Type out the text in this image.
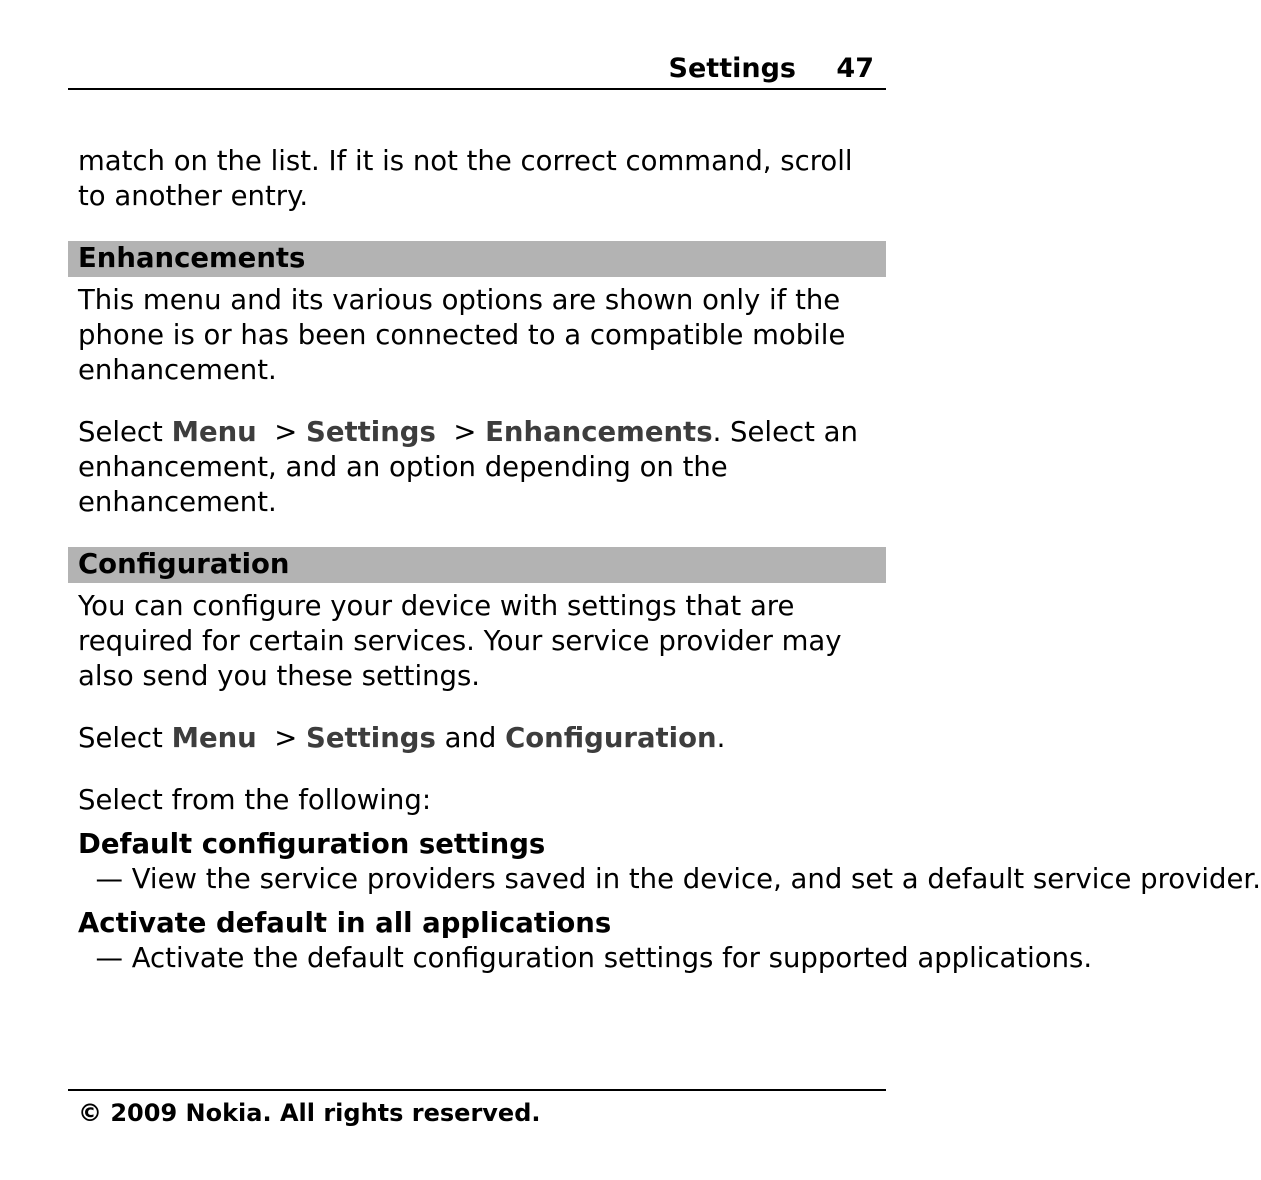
Settings 47

match on the list. If it is not the correct command, scroll to another entry.

Enhancements

This menu and its various options are shown only if the phone is or has been connected to a compatible mobile enhancement.

Select Menu  > Settings  > Enhancements. Select an enhancement, and an option depending on the enhancement.

Configuration

You can configure your device with settings that are required for certain services. Your service provider may also send you these settings.

Select Menu  > Settings and Configuration.

Select from the following:

Default configuration settings  — View the service providers saved in the device, and set a default service provider.

Activate default in all applications  — Activate the default configuration settings for supported applications.

© 2009 Nokia. All rights reserved.
